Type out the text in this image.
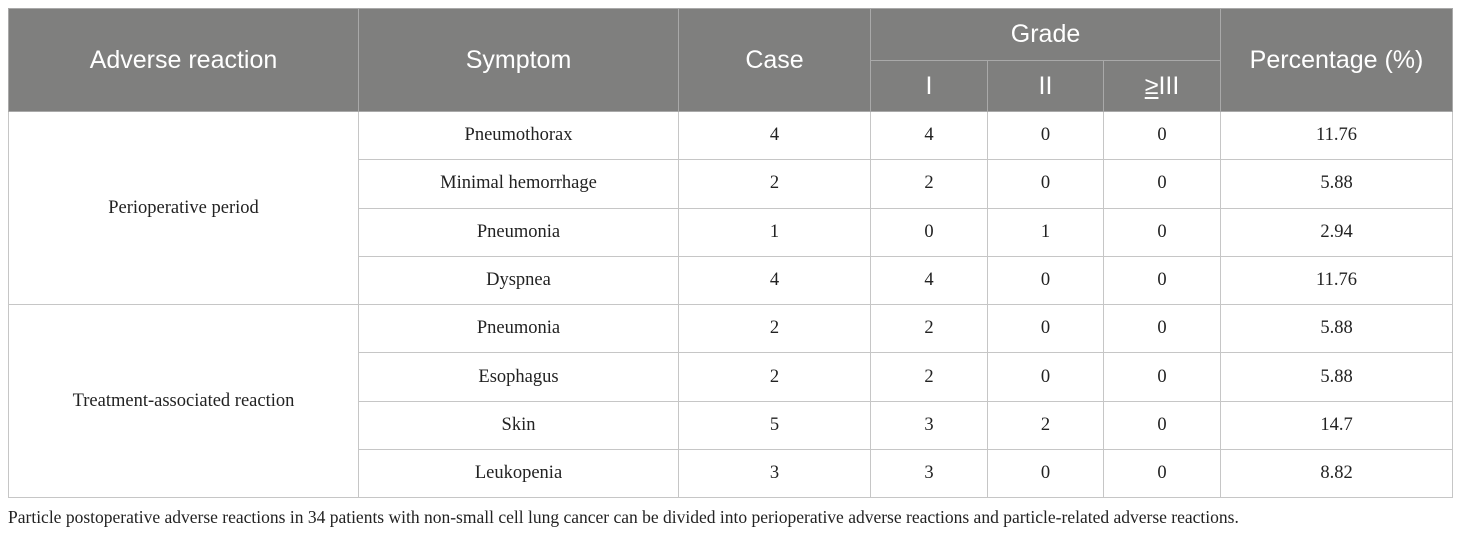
Adverse reaction	Symptom	Case	Grade			Percentage (%)
			I	II	≥III	
Perioperative period	Pneumothorax	4	4	0	0	11.76
	Minimal hemorrhage	2	2	0	0	5.88
	Pneumonia	1	0	1	0	2.94
	Dyspnea	4	4	0	0	11.76
Treatment-associated reaction	Pneumonia	2	2	0	0	5.88
	Esophagus	2	2	0	0	5.88
	Skin	5	3	2	0	14.7
	Leukopenia	3	3	0	0	8.82
Particle postoperative adverse reactions in 34 patients with non-small cell lung cancer can be divided into perioperative adverse reactions and particle-related adverse reactions.
